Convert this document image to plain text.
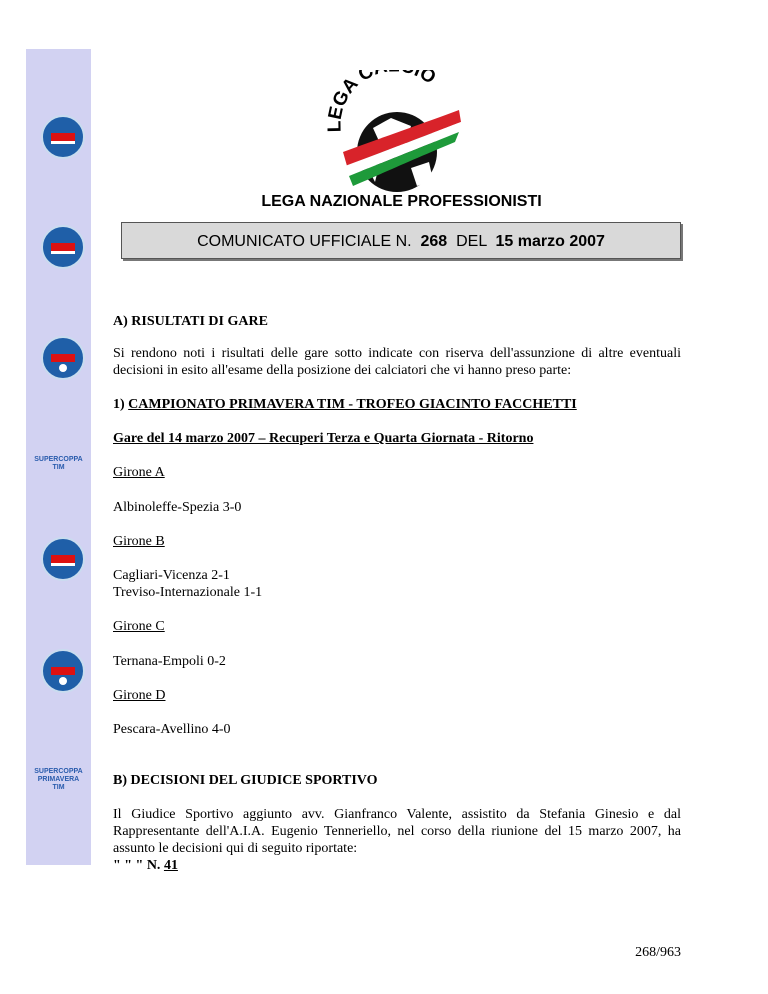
SUPERCOPPA
TIM
SUPERCOPPA
PRIMAVERA
TIM
LEGA C IO
LEGA NAZIONALE PROFESSIONISTI
COMUNICATO UFFICIALE N. 268 DEL 15 marzo 2007
A) RISULTATI DI GARE
Si rendono noti i risultati delle gare sotto indicate con riserva dell'assunzione di altre eventuali decisioni in esito all'esame della posizione dei calciatori che vi hanno preso parte:
1) CAMPIONATO PRIMAVERA TIM - TROFEO GIACINTO FACCHETTI
Gare del 14 marzo 2007 – Recuperi Terza e Quarta Giornata - Ritorno
Girone A
Albinoleffe-Spezia 3-0
Girone B
Cagliari-Vicenza 2-1
Treviso-Internazionale 1-1
Girone C
Ternana-Empoli 0-2
Girone D
Pescara-Avellino 4-0
B) DECISIONI DEL GIUDICE SPORTIVO
Il Giudice Sportivo aggiunto avv. Gianfranco Valente, assistito da Stefania Ginesio e dal Rappresentante dell'A.I.A. Eugenio Tenneriello, nel corso della riunione del 15 marzo 2007, ha assunto le decisioni qui di seguito riportate:
" " " N. 41
268/963
